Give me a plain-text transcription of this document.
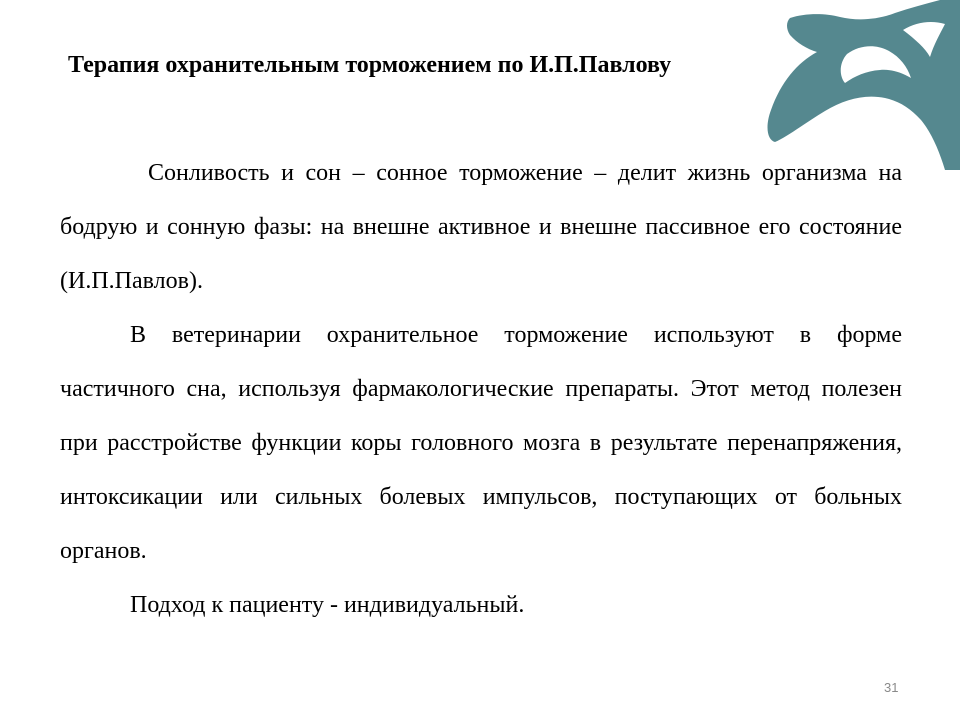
Терапия охранительным торможением по И.П.Павлову

Сонливость и сон – сонное торможение – делит жизнь организма на бодрую и сонную фазы: на внешне активное и внешне пассивное его состояние (И.П.Павлов).

В ветеринарии охранительное торможение используют в форме частичного сна, используя фармакологические препараты. Этот метод полезен при расстройстве функции коры головного мозга в результате перенапряжения, интоксикации или сильных болевых импульсов, поступающих от больных органов.

Подход к пациенту - индивидуальный.

31
